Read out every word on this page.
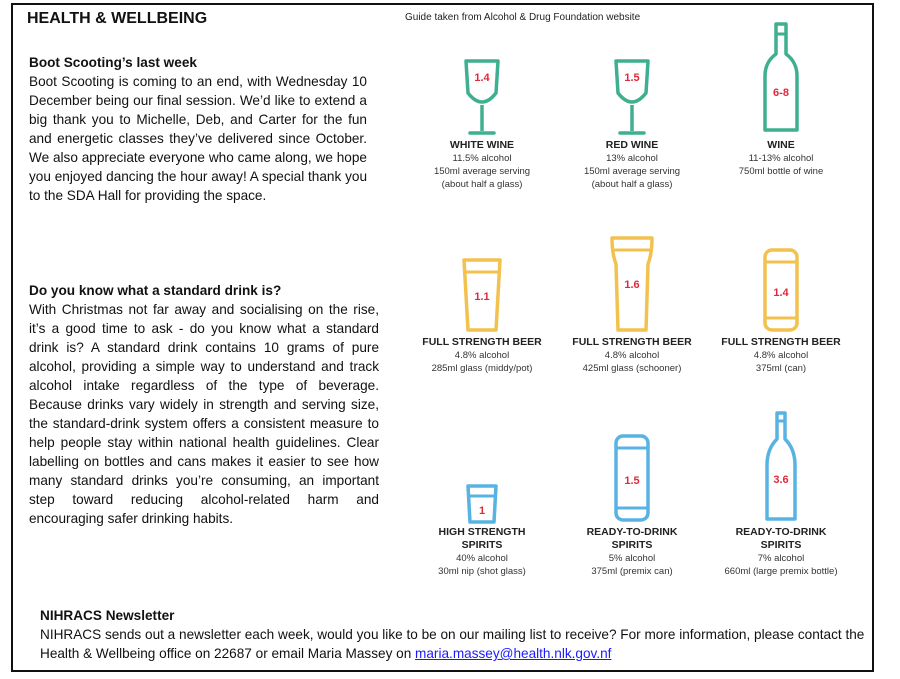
HEALTH & WELLBEING	Guide taken from Alcohol & Drug Foundation website
Boot Scooting’s last week

Boot Scooting is coming to an end, with Wednesday 10 December being our final session. We’d like to extend a big thank you to Michelle, Deb, and Carter for the fun and energetic classes they’ve delivered since October. We also appreciate everyone who came along, we hope you enjoyed dancing the hour away! A special thank you to the SDA Hall for providing the space.

Do you know what a standard drink is?

With Christmas not far away and socialising on the rise, it’s a good time to ask - do you know what a standard drink is? A standard drink contains 10 grams of pure alcohol, providing a simple way to understand and track alcohol intake regardless of the type of beverage. Because drinks vary widely in strength and serving size, the standard-drink system offers a consistent measure to help people stay within national health guidelines. Clear labelling on bottles and cans makes it easier to see how many standard drinks you’re consuming, an important step toward reducing alcohol-related harm and encouraging safer drinking habits.

1.4
WHITE WINE
11.5% alcohol
150ml average serving
(about half a glass)
1.5
RED WINE
13% alcohol
150ml average serving
(about half a glass)
6-8
WINE
11-13% alcohol
750ml bottle of wine
1.1
FULL STRENGTH BEER
4.8% alcohol
285ml glass (middy/pot)
1.6
FULL STRENGTH BEER
4.8% alcohol
425ml glass (schooner)
1.4
FULL STRENGTH BEER
4.8% alcohol
375ml (can)
1
HIGH STRENGTH
SPIRITS
40% alcohol
30ml nip (shot glass)
1.5
READY-TO-DRINK
SPIRITS
5% alcohol
375ml (premix can)
3.6
READY-TO-DRINK
SPIRITS
7% alcohol
660ml (large premix bottle)
NIHRACS Newsletter
NIHRACS sends out a newsletter each week, would you like to be on our mailing list to receive? For more information, please contact the Health & Wellbeing office on 22687 or email Maria Massey on maria.massey@health.nlk.gov.nf
